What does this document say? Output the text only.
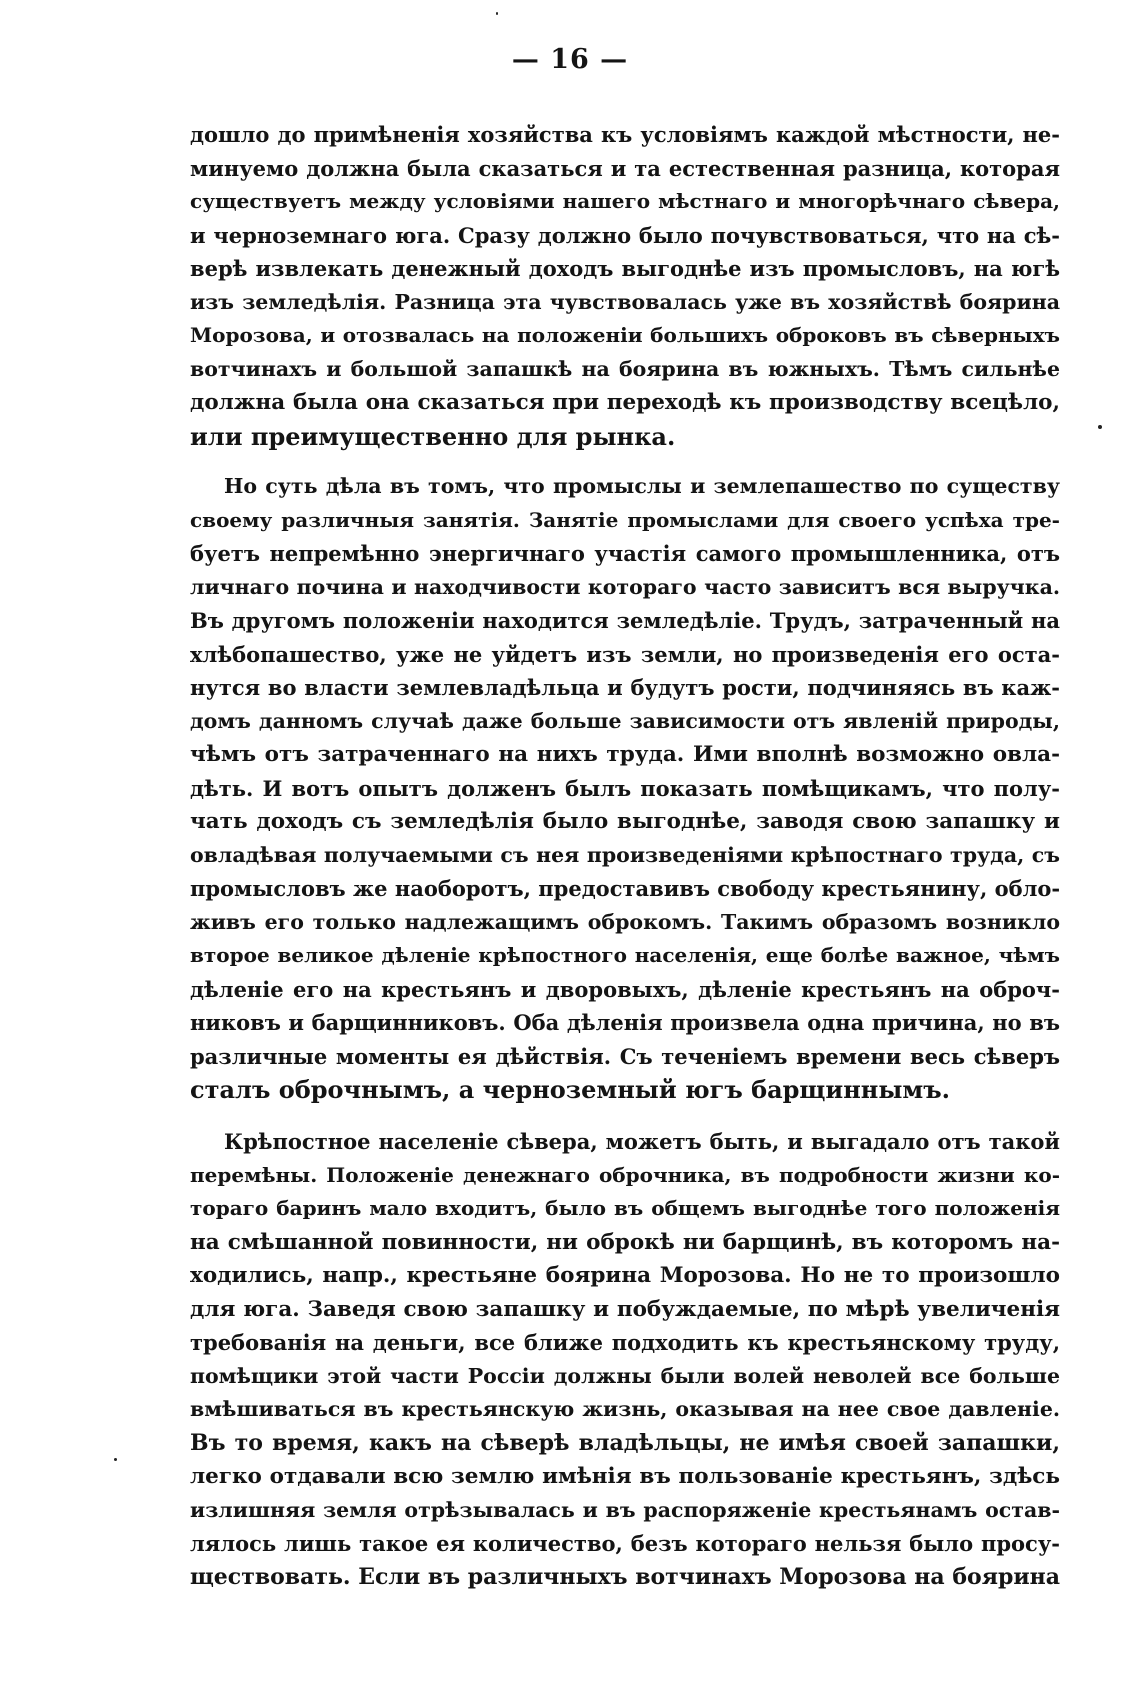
— 16 —
дошло до примѣненія хозяйства къ условіямъ каждой мѣстности, не-
минуемо должна была сказаться и та естественная разница, которая
существуетъ между условіями нашего мѣстнаго и многорѣчнаго сѣвера,
и черноземнаго юга. Сразу должно было почувствоваться, что на сѣ-
верѣ извлекать денежный доходъ выгоднѣе изъ промысловъ, на югѣ
изъ земледѣлія. Разница эта чувствовалась уже въ хозяйствѣ боярина
Морозова, и отозвалась на положеніи большихъ оброковъ въ сѣверныхъ
вотчинахъ и большой запашкѣ на боярина въ южныхъ. Тѣмъ сильнѣе
должна была она сказаться при переходѣ къ производству всецѣло,
или преимущественно для рынка.
Но суть дѣла въ томъ, что промыслы и землепашество по существу
своему различныя занятія. Занятіе промыслами для своего успѣха тре-
буетъ непремѣнно энергичнаго участія самого промышленника, отъ
личнаго почина и находчивости котораго часто зависитъ вся выручка.
Въ другомъ положеніи находится земледѣліе. Трудъ, затраченный на
хлѣбопашество, уже не уйдетъ изъ земли, но произведенія его оста-
нутся во власти землевладѣльца и будутъ рости, подчиняясь въ каж-
домъ данномъ случаѣ даже больше зависимости отъ явленій природы,
чѣмъ отъ затраченнаго на нихъ труда. Ими вполнѣ возможно овла-
дѣть. И вотъ опытъ долженъ былъ показать помѣщикамъ, что полу-
чать доходъ съ земледѣлія было выгоднѣе, заводя свою запашку и
овладѣвая получаемыми съ нея произведеніями крѣпостнаго труда, съ
промысловъ же наоборотъ, предоставивъ свободу крестьянину, обло-
живъ его только надлежащимъ оброкомъ. Такимъ образомъ возникло
второе великое дѣленіе крѣпостного населенія, еще болѣе важное, чѣмъ
дѣленіе его на крестьянъ и дворовыхъ, дѣленіе крестьянъ на оброч-
никовъ и барщинниковъ. Оба дѣленія произвела одна причина, но въ
различные моменты ея дѣйствія. Съ теченіемъ времени весь сѣверъ
сталъ оброчнымъ, а черноземный югъ барщиннымъ.
Крѣпостное населеніе сѣвера, можетъ быть, и выгадало отъ такой
перемѣны. Положеніе денежнаго оброчника, въ подробности жизни ко-
тораго баринъ мало входитъ, было въ общемъ выгоднѣе того положенія
на смѣшанной повинности, ни оброкѣ ни барщинѣ, въ которомъ на-
ходились, напр., крестьяне боярина Морозова. Но не то произошло
для юга. Заведя свою запашку и побуждаемые, по мѣрѣ увеличенія
требованія на деньги, все ближе подходить къ крестьянскому труду,
помѣщики этой части Россіи должны были волей неволей все больше
вмѣшиваться въ крестьянскую жизнь, оказывая на нее свое давленіе.
Въ то время, какъ на сѣверѣ владѣльцы, не имѣя своей запашки,
легко отдавали всю землю имѣнія въ пользованіе крестьянъ, здѣсь
излишняя земля отрѣзывалась и въ распоряженіе крестьянамъ остав-
лялось лишь такое ея количество, безъ котораго нельзя было просу-
ществовать. Если въ различныхъ вотчинахъ Морозова на боярина
